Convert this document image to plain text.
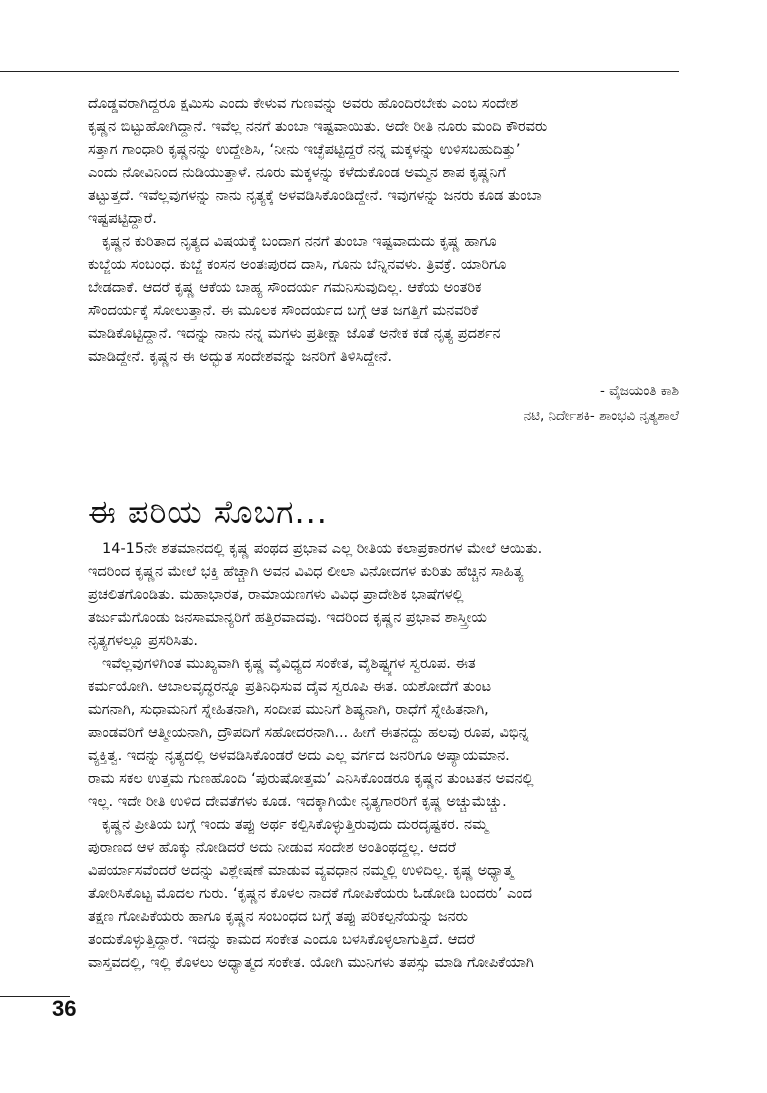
ದೊಡ್ಡವರಾಗಿದ್ದರೂ ಕ್ಷಮಿಸು ಎಂದು ಕೇಳುವ ಗುಣವನ್ನು ಅವರು ಹೊಂದಿರಬೇಕು ಎಂಬ ಸಂದೇಶ
ಕೃಷ್ಣನ ಬಿಟ್ಟುಹೋಗಿದ್ದಾನೆ. ಇವೆಲ್ಲ ನನಗೆ ತುಂಬಾ ಇಷ್ಟವಾಯಿತು. ಅದೇ ರೀತಿ ನೂರು ಮಂದಿ ಕೌರವರು
ಸತ್ತಾಗ ಗಾಂಧಾರಿ ಕೃಷ್ಣನನ್ನು ಉದ್ದೇಶಿಸಿ, ‘ನೀನು ಇಚ್ಛೆಪಟ್ಟಿದ್ದರೆ ನನ್ನ ಮಕ್ಕಳನ್ನು ಉಳಿಸಬಹುದಿತ್ತು’
ಎಂದು ನೋವಿನಿಂದ ನುಡಿಯುತ್ತಾಳೆ. ನೂರು ಮಕ್ಕಳನ್ನು ಕಳೆದುಕೊಂಡ ಅಮ್ಮನ ಶಾಪ ಕೃಷ್ಣನಿಗೆ
ತಟ್ಟುತ್ತದೆ. ಇವೆಲ್ಲವುಗಳನ್ನು ನಾನು ನೃತ್ಯಕ್ಕೆ ಅಳವಡಿಸಿಕೊಂಡಿದ್ದೇನೆ. ಇವುಗಳನ್ನು ಜನರು ಕೂಡ ತುಂಬಾ
ಇಷ್ಟಪಟ್ಟಿದ್ದಾರೆ.

ಕೃಷ್ಣನ ಕುರಿತಾದ ನೃತ್ಯದ ವಿಷಯಕ್ಕೆ ಬಂದಾಗ ನನಗೆ ತುಂಬಾ ಇಷ್ಟವಾದುದು ಕೃಷ್ಣ ಹಾಗೂ
ಕುಬ್ಜೆಯ ಸಂಬಂಧ. ಕುಬ್ಜೆ ಕಂಸನ ಅಂತಃಪುರದ ದಾಸಿ, ಗೂನು ಬೆನ್ನಿನವಳು. ತ್ರಿವಕ್ರೆ. ಯಾರಿಗೂ
ಬೇಡದಾಕೆ. ಆದರೆ ಕೃಷ್ಣ ಆಕೆಯ ಬಾಹ್ಯ ಸೌಂದರ್ಯ ಗಮನಿಸುವುದಿಲ್ಲ. ಆಕೆಯ ಅಂತರಿಕ
ಸೌಂದರ್ಯಕ್ಕೆ ಸೋಲುತ್ತಾನೆ. ಈ ಮೂಲಕ ಸೌಂದರ್ಯದ ಬಗ್ಗೆ ಆತ ಜಗತ್ತಿಗೆ ಮನವರಿಕೆ
ಮಾಡಿಕೊಟ್ಟಿದ್ದಾನೆ. ಇದನ್ನು ನಾನು ನನ್ನ ಮಗಳು ಪ್ರತೀಕ್ಷಾ ಜೊತೆ ಅನೇಕ ಕಡೆ ನೃತ್ಯ ಪ್ರದರ್ಶನ
ಮಾಡಿದ್ದೇನೆ. ಕೃಷ್ಣನ ಈ ಅದ್ಭುತ ಸಂದೇಶವನ್ನು ಜನರಿಗೆ ತಿಳಿಸಿದ್ದೇನೆ.

- ವೈಜಯಂತಿ ಕಾಶಿ
ನಟಿ, ನಿರ್ದೇಶಕಿ- ಶಾಂಭವಿ ನೃತ್ಯಶಾಲೆ
ಈ ಪರಿಯ ಸೊಬಗ...

14-15ನೇ ಶತಮಾನದಲ್ಲಿ ಕೃಷ್ಣ ಪಂಥದ ಪ್ರಭಾವ ಎಲ್ಲ ರೀತಿಯ ಕಲಾಪ್ರಕಾರಗಳ ಮೇಲೆ ಆಯಿತು.
ಇದರಿಂದ ಕೃಷ್ಣನ ಮೇಲೆ ಭಕ್ತಿ ಹೆಚ್ಚಾಗಿ ಅವನ ವಿವಿಧ ಲೀಲಾ ವಿನೋದಗಳ ಕುರಿತು ಹೆಚ್ಚಿನ ಸಾಹಿತ್ಯ
ಪ್ರಚಲಿತಗೊಂಡಿತು. ಮಹಾಭಾರತ, ರಾಮಾಯಣಗಳು ವಿವಿಧ ಪ್ರಾದೇಶಿಕ ಭಾಷೆಗಳಲ್ಲಿ
ತರ್ಜುಮೆಗೊಂಡು ಜನಸಾಮಾನ್ಯರಿಗೆ ಹತ್ತಿರವಾದವು. ಇದರಿಂದ ಕೃಷ್ಣನ ಪ್ರಭಾವ ಶಾಸ್ತ್ರೀಯ
ನೃತ್ಯಗಳಲ್ಲೂ ಪ್ರಸರಿಸಿತು.

ಇವೆಲ್ಲವುಗಳಿಗಿಂತ ಮುಖ್ಯವಾಗಿ ಕೃಷ್ಣ ವೈವಿಧ್ಯದ ಸಂಕೇತ, ವೈಶಿಷ್ಟ್ಯಗಳ ಸ್ವರೂಪ. ಈತ
ಕರ್ಮಯೋಗಿ. ಆಬಾಲವೃದ್ಧರನ್ನೂ ಪ್ರತಿನಿಧಿಸುವ ದೈವ ಸ್ವರೂಪಿ ಈತ. ಯಶೋದೆಗೆ ತುಂಟ
ಮಗನಾಗಿ, ಸುಧಾಮನಿಗೆ ಸ್ನೇಹಿತನಾಗಿ, ಸಂದೀಪ ಮುನಿಗೆ ಶಿಷ್ಯನಾಗಿ, ರಾಧೆಗೆ ಸ್ನೇಹಿತನಾಗಿ,
ಪಾಂಡವರಿಗೆ ಆತ್ಮೀಯನಾಗಿ, ದ್ರೌಪದಿಗೆ ಸಹೋದರನಾಗಿ... ಹೀಗೆ ಈತನದ್ದು ಹಲವು ರೂಪ, ವಿಭಿನ್ನ
ವ್ಯಕ್ತಿತ್ವ. ಇದನ್ನು ನೃತ್ಯದಲ್ಲಿ ಅಳವಡಿಸಿಕೊಂಡರೆ ಅದು ಎಲ್ಲ ವರ್ಗದ ಜನರಿಗೂ ಅಪ್ಯಾಯಮಾನ.
ರಾಮ ಸಕಲ ಉತ್ತಮ ಗುಣಹೊಂದಿ ‘ಪುರುಷೋತ್ತಮ’ ಎನಿಸಿಕೊಂಡರೂ ಕೃಷ್ಣನ ತುಂಟತನ ಅವನಲ್ಲಿ
ಇಲ್ಲ. ಇದೇ ರೀತಿ ಉಳಿದ ದೇವತೆಗಳು ಕೂಡ. ಇದಕ್ಕಾಗಿಯೇ ನೃತ್ಯಗಾರರಿಗೆ ಕೃಷ್ಣ ಅಚ್ಚುಮೆಚ್ಚು.

ಕೃಷ್ಣನ ಪ್ರೀತಿಯ ಬಗ್ಗೆ ಇಂದು ತಪ್ಪು ಅರ್ಥ ಕಲ್ಪಿಸಿಕೊಳ್ಳುತ್ತಿರುವುದು ದುರದೃಷ್ಟಕರ. ನಮ್ಮ
ಪುರಾಣದ ಆಳ ಹೊಕ್ಕು ನೋಡಿದರೆ ಅದು ನೀಡುವ ಸಂದೇಶ ಅಂತಿಂಥದ್ದಲ್ಲ. ಆದರೆ
ವಿಪರ್ಯಾಸವೆಂದರೆ ಅದನ್ನು ವಿಶ್ಲೇಷಣೆ ಮಾಡುವ ವ್ಯವಧಾನ ನಮ್ಮಲ್ಲಿ ಉಳಿದಿಲ್ಲ. ಕೃಷ್ಣ ಅಧ್ಯಾತ್ಮ
ತೋರಿಸಿಕೊಟ್ಟ ಮೊದಲ ಗುರು. ‘ಕೃಷ್ಣನ ಕೊಳಲ ನಾದಕೆ ಗೋಪಿಕೆಯರು ಓಡೋಡಿ ಬಂದರು’ ಎಂದ
ತಕ್ಷಣ ಗೋಪಿಕೆಯರು ಹಾಗೂ ಕೃಷ್ಣನ ಸಂಬಂಧದ ಬಗ್ಗೆ ತಪ್ಪು ಪರಿಕಲ್ಪನೆಯನ್ನು ಜನರು
ತಂದುಕೊಳ್ಳುತ್ತಿದ್ದಾರೆ. ಇದನ್ನು ಕಾಮದ ಸಂಕೇತ ಎಂದೂ ಬಳಸಿಕೊಳ್ಳಲಾಗುತ್ತಿದೆ. ಆದರೆ
ವಾಸ್ತವದಲ್ಲಿ, ಇಲ್ಲಿ ಕೊಳಲು ಅಧ್ಯಾತ್ಮದ ಸಂಕೇತ. ಯೋಗಿ ಮುನಿಗಳು ತಪಸ್ಸು ಮಾಡಿ ಗೋಪಿಕೆಯಾಗಿ

36
